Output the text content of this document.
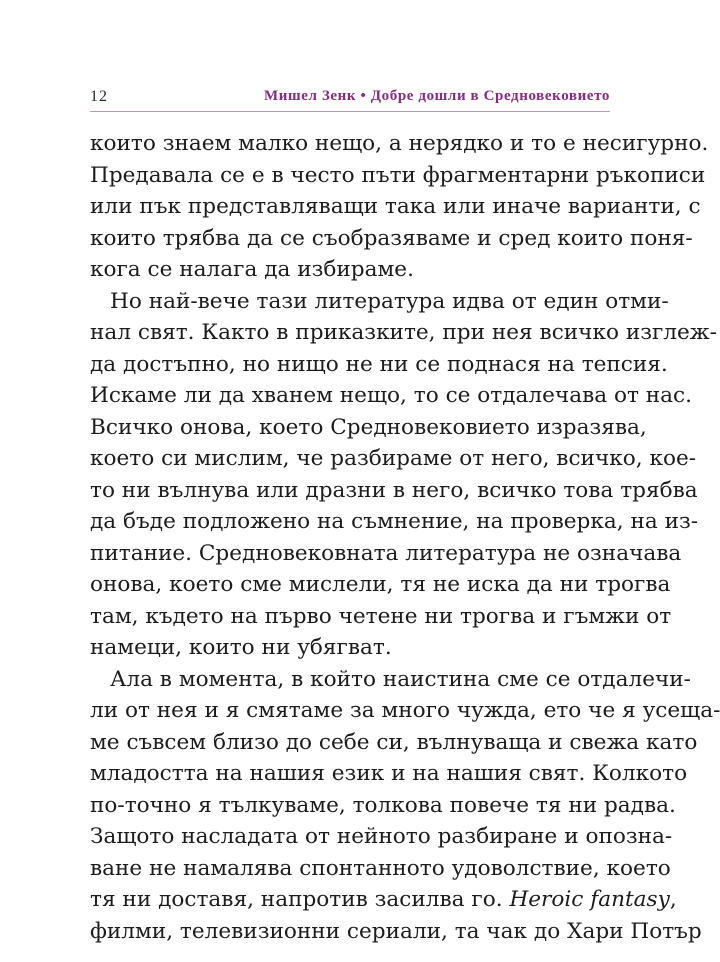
12	Мишел Зенк • Добре дошли в Средновековието
които знаем малко нещо, а нерядко и то е несигурно.
Предавала се е в често пъти фрагментарни ръкописи
или пък представляващи така или иначе варианти, с
които трябва да се съобразяваме и сред които поня-
кога се налага да избираме.
Но най-вече тази литература идва от един отми-
нал свят. Както в приказките, при нея всичко изглеж-
да достъпно, но нищо не ни се поднася на тепсия.
Искаме ли да хванем нещо, то се отдалечава от нас.
Всичко онова, което Средновековието изразява,
което си мислим, че разбираме от него, всичко, кое-
то ни вълнува или дразни в него, всичко това трябва
да бъде подложено на съмнение, на проверка, на из-
питание. Средновековната литература не означава
онова, което сме мислели, тя не иска да ни трогва
там, където на първо четене ни трогва и гъмжи от
намеци, които ни убягват.
Ала в момента, в който наистина сме се отдалечи-
ли от нея и я смятаме за много чужда, ето че я усеща-
ме съвсем близо до себе си, вълнуваща и свежа като
младостта на нашия език и на нашия свят. Колкото
по-точно я тълкуваме, толкова повече тя ни радва.
Защото насладата от нейното разбиране и опозна-
ване не намалява спонтанното удоволствие, което
тя ни доставя, напротив засилва го. Heroic fantasy,
филми, телевизионни сериали, та чак до Хари Потър
